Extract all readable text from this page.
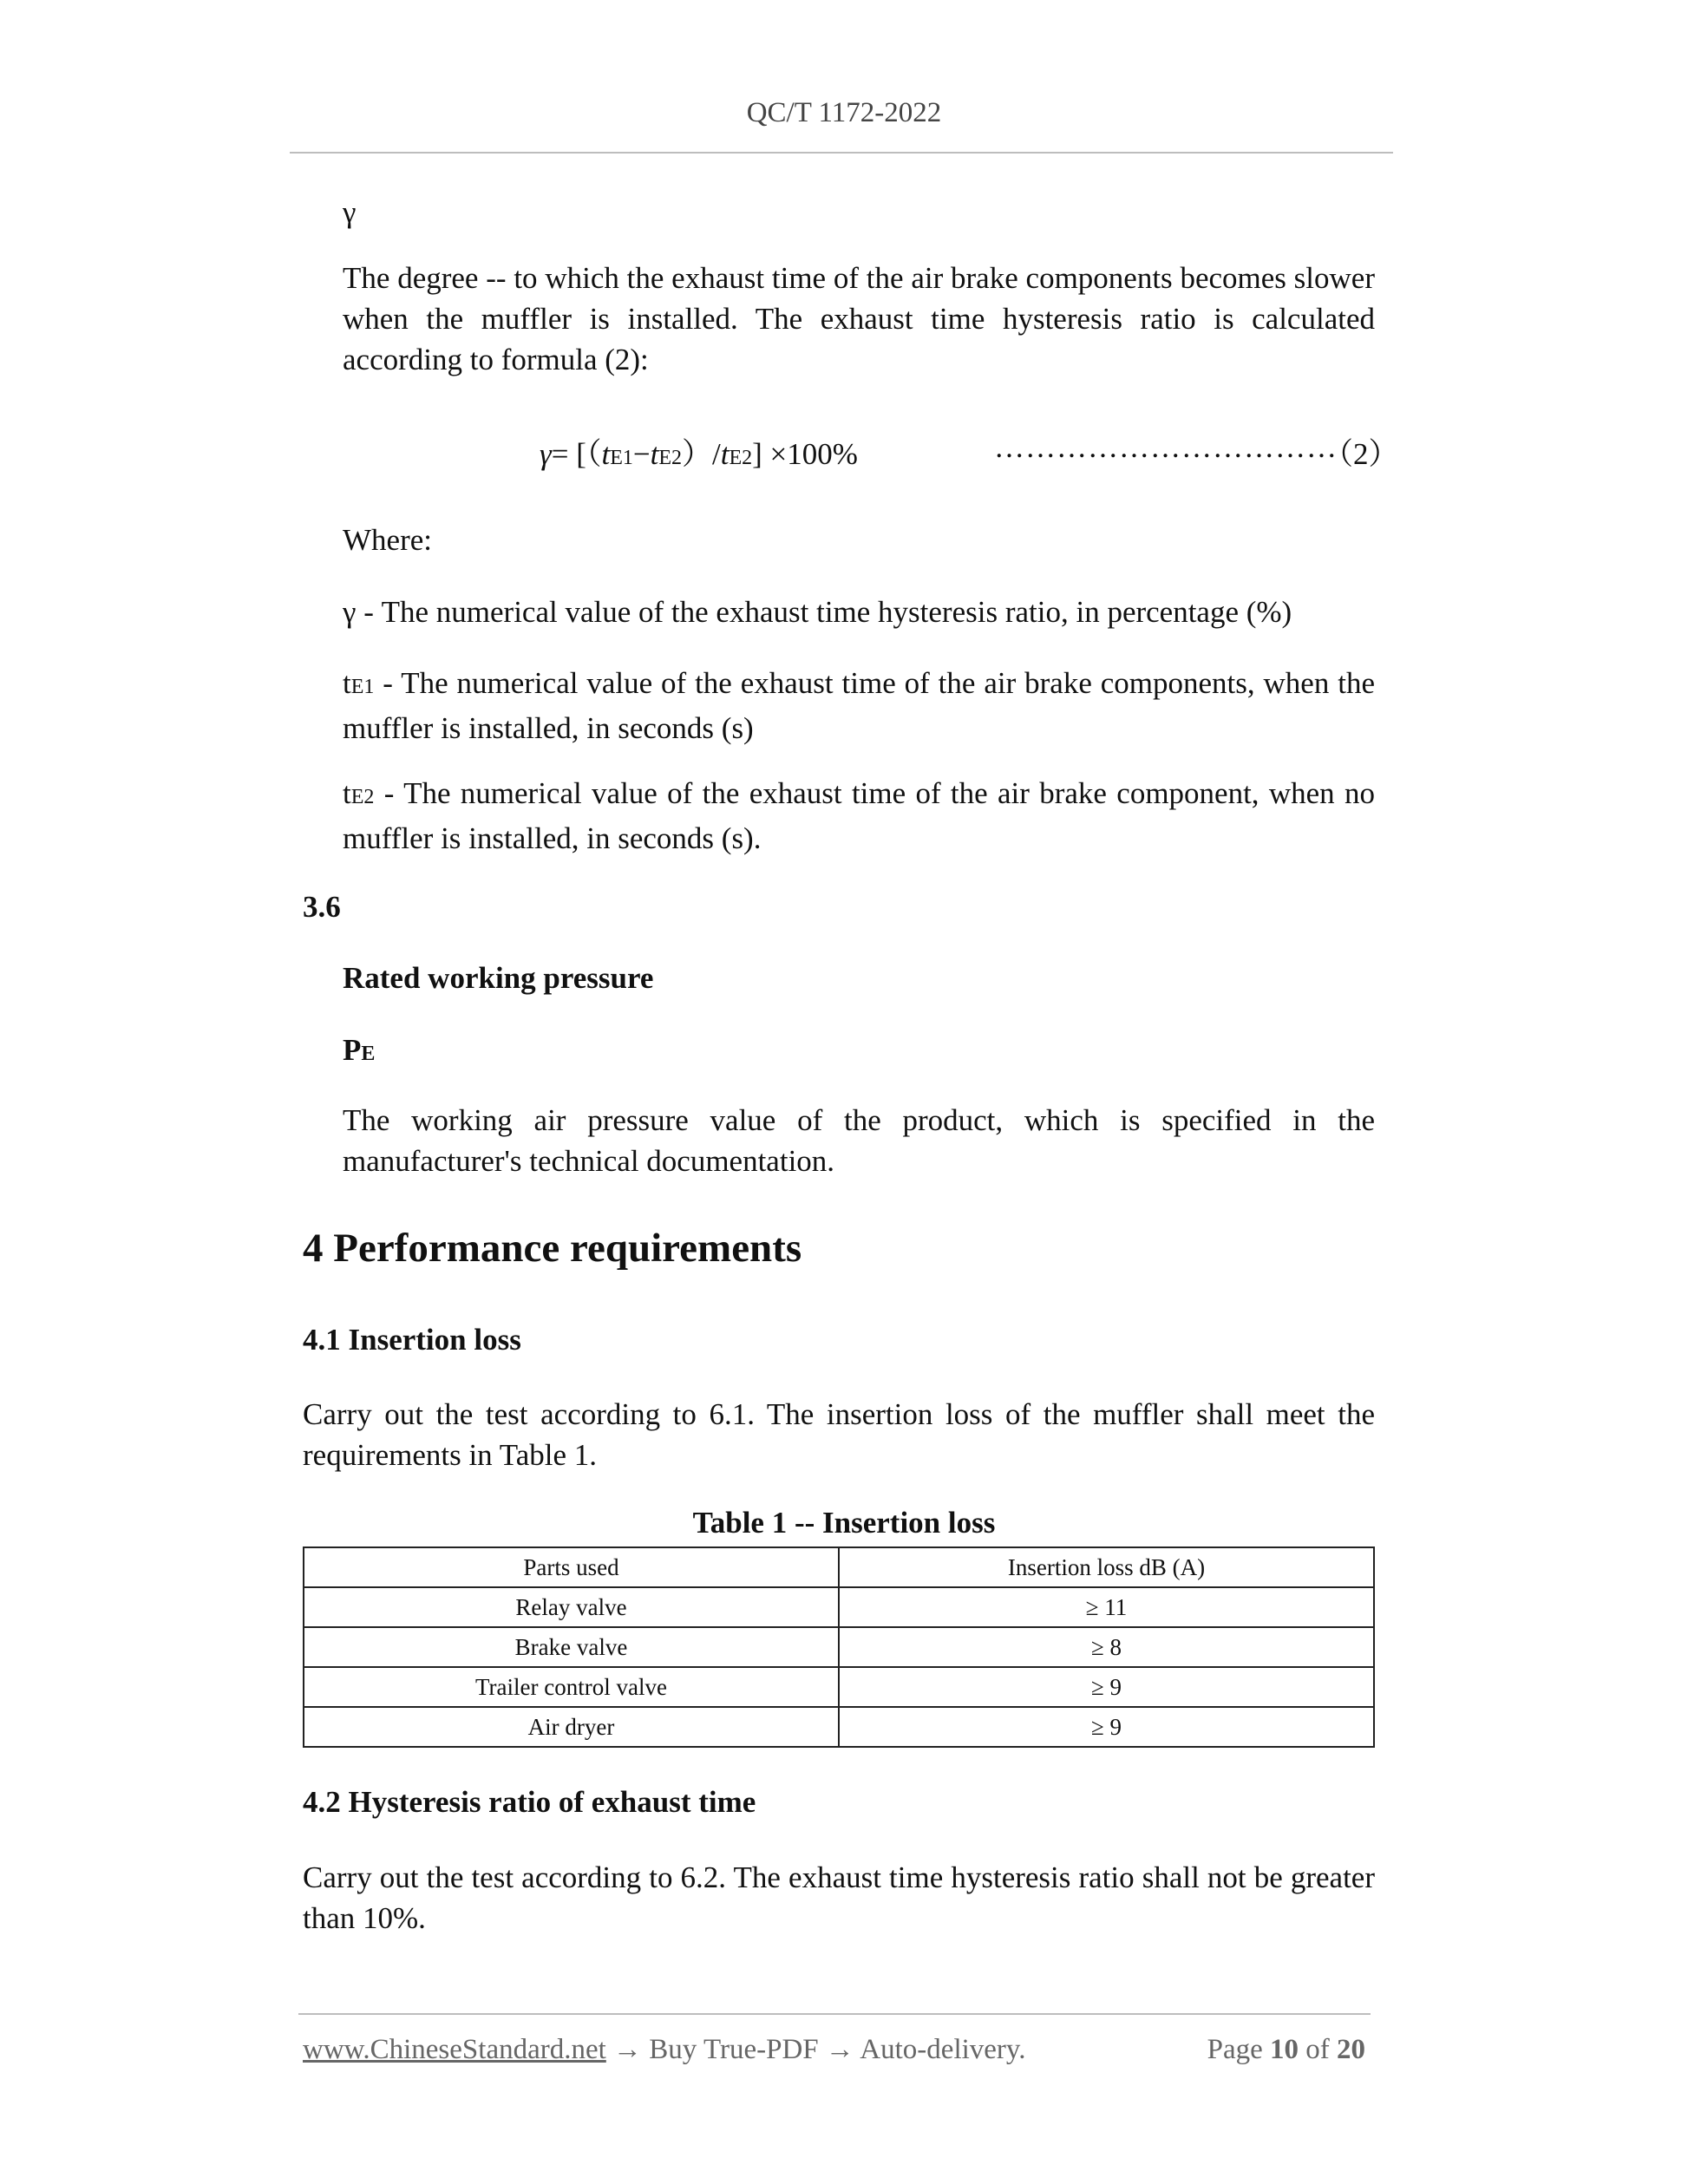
QC/T 1172-2022
γ
The degree -- to which the exhaust time of the air brake components becomes slower when the muffler is installed. The exhaust time hysteresis ratio is calculated according to formula (2):
γ= [（tE1−tE2）/tE2] ×100%	……………………………
（2）
Where:
γ - The numerical value of the exhaust time hysteresis ratio, in percentage (%)
tE1 - The numerical value of the exhaust time of the air brake components, when the muffler is installed, in seconds (s)
tE2 - The numerical value of the exhaust time of the air brake component, when no muffler is installed, in seconds (s).
3.6
Rated working pressure
PE
The working air pressure value of the product, which is specified in the manufacturer's technical documentation.
4 Performance requirements
4.1 Insertion loss
Carry out the test according to 6.1. The insertion loss of the muffler shall meet the requirements in Table 1.
Table 1 -- Insertion loss
Parts used	Insertion loss dB (A)
Relay valve	≥ 11
Brake valve	≥ 8
Trailer control valve	≥ 9
Air dryer	≥ 9
4.2 Hysteresis ratio of exhaust time
Carry out the test according to 6.2. The exhaust time hysteresis ratio shall not be greater than 10%.
www.ChineseStandard.net → Buy True-PDF → Auto-delivery.	Page 10 of 20
